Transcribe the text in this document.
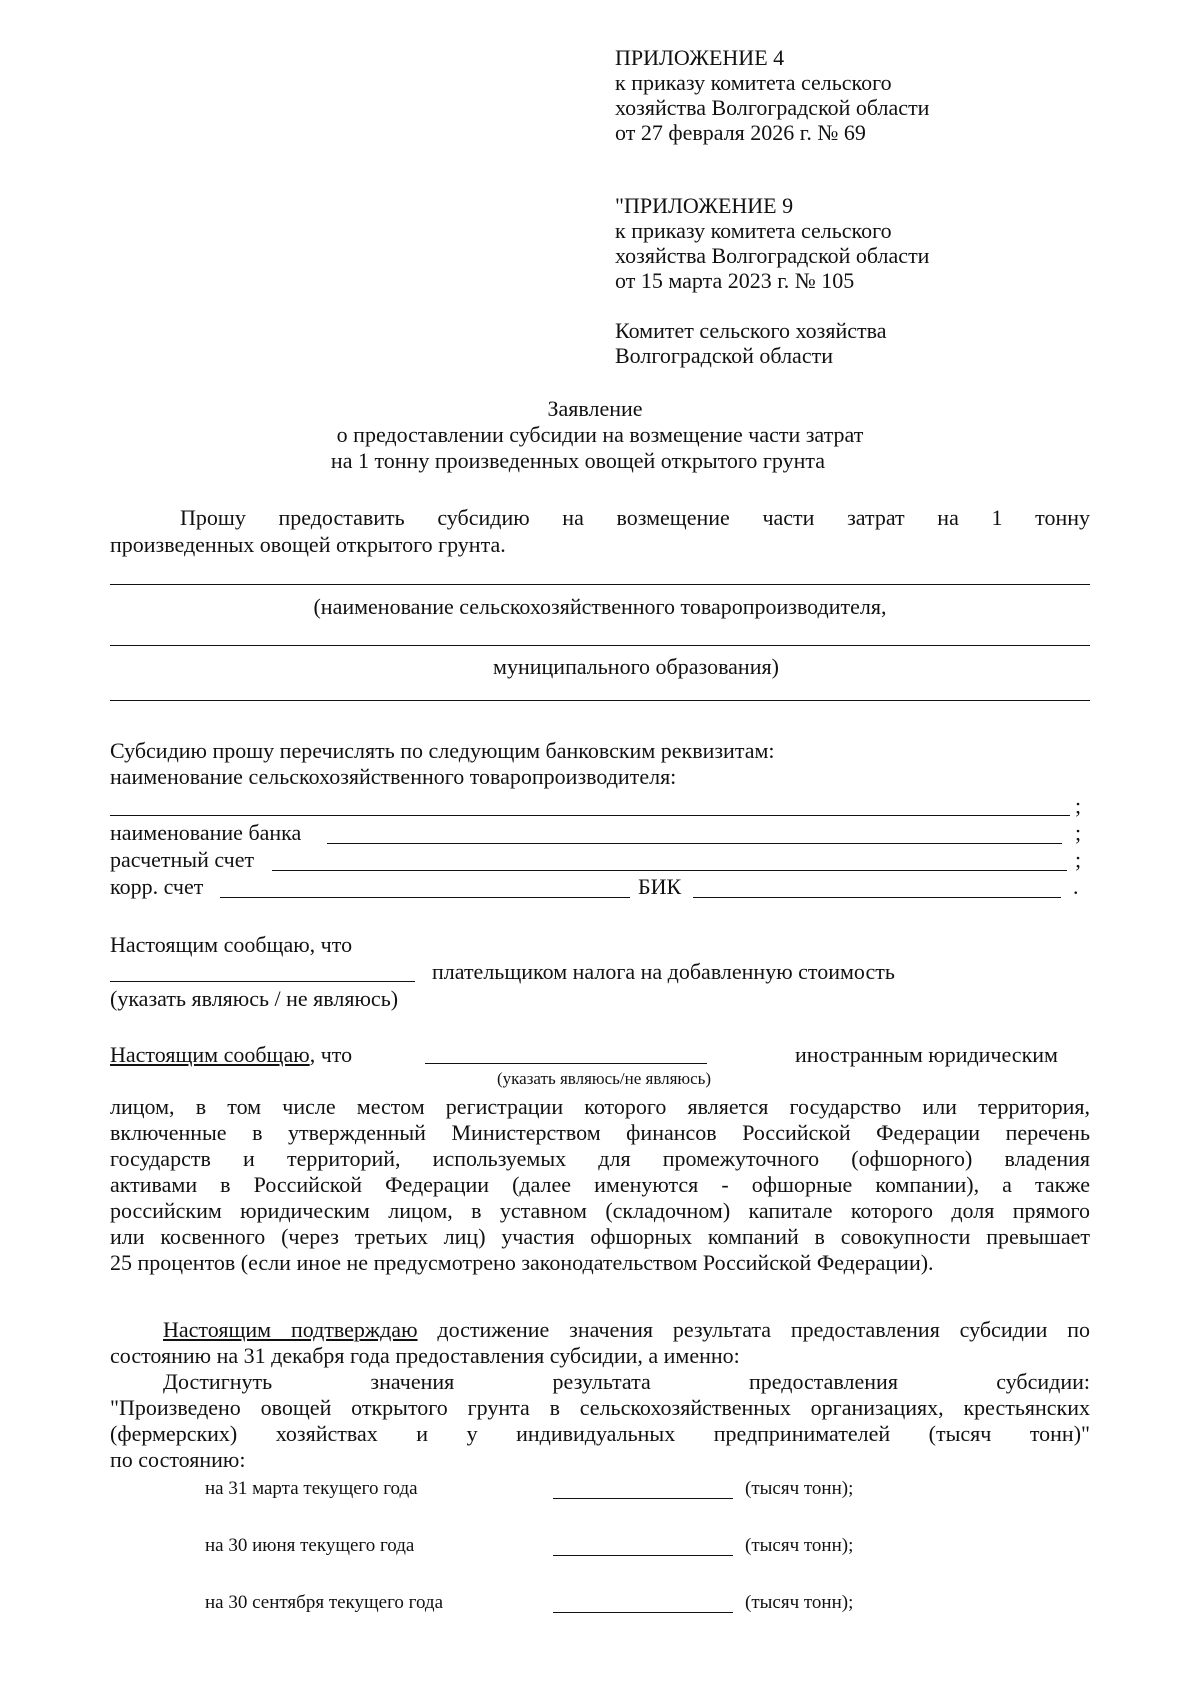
ПРИЛОЖЕНИЕ 4
к приказу комитета сельского
хозяйства Волгоградской области
от 27 февраля 2026 г. № 69
"ПРИЛОЖЕНИЕ 9
к приказу комитета сельского
хозяйства Волгоградской области
от 15 марта 2023 г. № 105
Комитет сельского хозяйства
Волгоградской области
Заявление
о предоставлении субсидии на возмещение части затрат
на 1 тонну произведенных овощей открытого грунта
Прошу предоставить субсидию на возмещение части затрат на 1 тонну
произведенных овощей открытого грунта.
(наименование сельскохозяйственного товаропроизводителя,
муниципального образования)
Субсидию прошу перечислять по следующим банковским реквизитам:
наименование сельскохозяйственного товаропроизводителя:
;
наименование банка	;
расчетный счет	;
корр. счет	БИК	.
Настоящим сообщаю, что
плательщиком налога на добавленную стоимость
(указать являюсь / не являюсь)
Настоящим сообщаю, что	иностранным юридическим
(указать являюсь/не являюсь)
лицом, в том числе местом регистрации которого является государство или территория,
включенные в утвержденный Министерством финансов Российской Федерации перечень
государств и территорий, используемых для промежуточного (офшорного) владения
активами в Российской Федерации (далее именуются - офшорные компании), а также
российским юридическим лицом, в уставном (складочном) капитале которого доля прямого
или косвенного (через третьих лиц) участия офшорных компаний в совокупности превышает
25 процентов (если иное не предусмотрено законодательством Российской Федерации).
Настоящим подтверждаю достижение значения результата предоставления субсидии по
состоянию на 31 декабря года предоставления субсидии, а именно:
Достигнуть значения результата предоставления субсидии:
"Произведено овощей открытого грунта в сельскохозяйственных организациях, крестьянских
(фермерских) хозяйствах и у индивидуальных предпринимателей (тысяч тонн)"
по состоянию:
на 31 марта текущего года	(тысяч тонн);
на 30 июня текущего года	(тысяч тонн);
на 30 сентября текущего года	(тысяч тонн);
